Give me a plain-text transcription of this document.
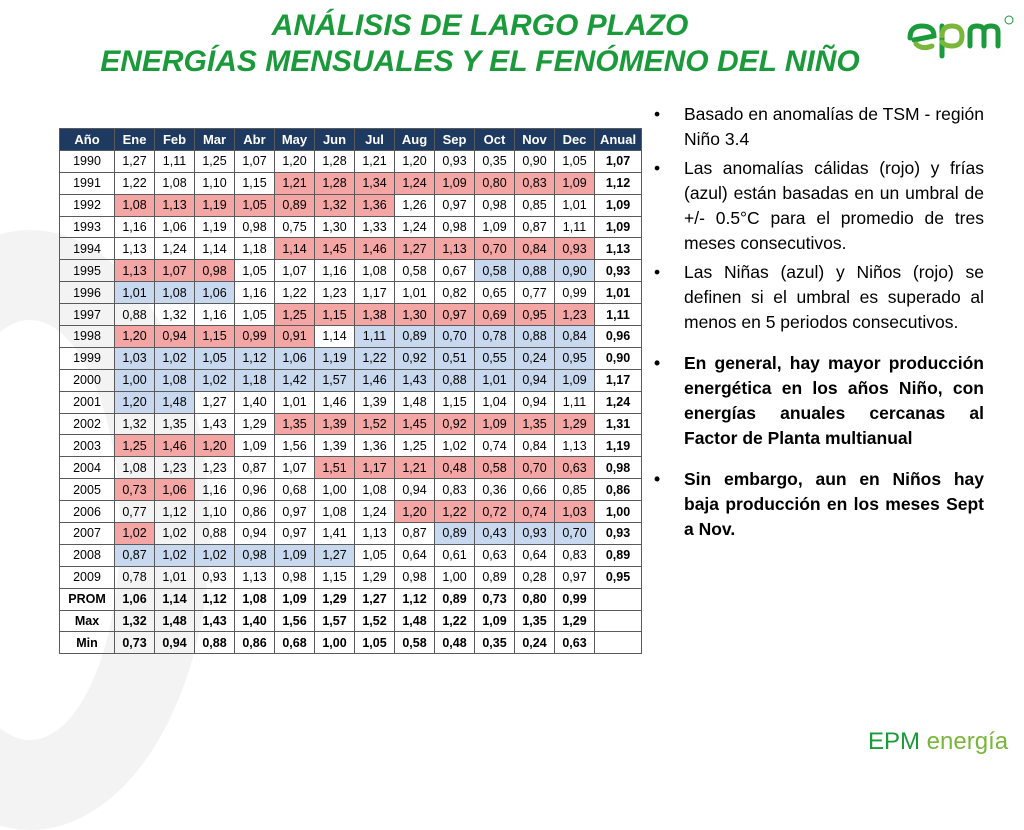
ANÁLISIS DE LARGO PLAZO
ENERGÍAS MENSUALES Y EL FENÓMENO DEL NIÑO
Año	Ene	Feb	Mar	Abr	May	Jun	Jul	Aug	Sep	Oct	Nov	Dec	Anual
1990	1,27	1,11	1,25	1,07	1,20	1,28	1,21	1,20	0,93	0,35	0,90	1,05	1,07
1991	1,22	1,08	1,10	1,15	1,21	1,28	1,34	1,24	1,09	0,80	0,83	1,09	1,12
1992	1,08	1,13	1,19	1,05	0,89	1,32	1,36	1,26	0,97	0,98	0,85	1,01	1,09
1993	1,16	1,06	1,19	0,98	0,75	1,30	1,33	1,24	0,98	1,09	0,87	1,11	1,09
1994	1,13	1,24	1,14	1,18	1,14	1,45	1,46	1,27	1,13	0,70	0,84	0,93	1,13
1995	1,13	1,07	0,98	1,05	1,07	1,16	1,08	0,58	0,67	0,58	0,88	0,90	0,93
1996	1,01	1,08	1,06	1,16	1,22	1,23	1,17	1,01	0,82	0,65	0,77	0,99	1,01
1997	0,88	1,32	1,16	1,05	1,25	1,15	1,38	1,30	0,97	0,69	0,95	1,23	1,11
1998	1,20	0,94	1,15	0,99	0,91	1,14	1,11	0,89	0,70	0,78	0,88	0,84	0,96
1999	1,03	1,02	1,05	1,12	1,06	1,19	1,22	0,92	0,51	0,55	0,24	0,95	0,90
2000	1,00	1,08	1,02	1,18	1,42	1,57	1,46	1,43	0,88	1,01	0,94	1,09	1,17
2001	1,20	1,48	1,27	1,40	1,01	1,46	1,39	1,48	1,15	1,04	0,94	1,11	1,24
2002	1,32	1,35	1,43	1,29	1,35	1,39	1,52	1,45	0,92	1,09	1,35	1,29	1,31
2003	1,25	1,46	1,20	1,09	1,56	1,39	1,36	1,25	1,02	0,74	0,84	1,13	1,19
2004	1,08	1,23	1,23	0,87	1,07	1,51	1,17	1,21	0,48	0,58	0,70	0,63	0,98
2005	0,73	1,06	1,16	0,96	0,68	1,00	1,08	0,94	0,83	0,36	0,66	0,85	0,86
2006	0,77	1,12	1,10	0,86	0,97	1,08	1,24	1,20	1,22	0,72	0,74	1,03	1,00
2007	1,02	1,02	0,88	0,94	0,97	1,41	1,13	0,87	0,89	0,43	0,93	0,70	0,93
2008	0,87	1,02	1,02	0,98	1,09	1,27	1,05	0,64	0,61	0,63	0,64	0,83	0,89
2009	0,78	1,01	0,93	1,13	0,98	1,15	1,29	0,98	1,00	0,89	0,28	0,97	0,95
PROM	1,06	1,14	1,12	1,08	1,09	1,29	1,27	1,12	0,89	0,73	0,80	0,99	
Max	1,32	1,48	1,43	1,40	1,56	1,57	1,52	1,48	1,22	1,09	1,35	1,29	
Min	0,73	0,94	0,88	0,86	0,68	1,00	1,05	0,58	0,48	0,35	0,24	0,63	
• Basado en anomalías de TSM - región Niño 3.4
• Las anomalías cálidas (rojo) y frías (azul) están basadas en un umbral de +/- 0.5°C para el promedio de tres meses consecutivos.
• Las Niñas (azul) y Niños (rojo) se definen si el umbral es superado al menos en 5 periodos consecutivos.
• En general, hay mayor producción energética en los años Niño, con energías anuales cercanas al Factor de Planta multianual
• Sin embargo, aun en Niños hay baja producción en los meses Sept a Nov.
EPM energía
